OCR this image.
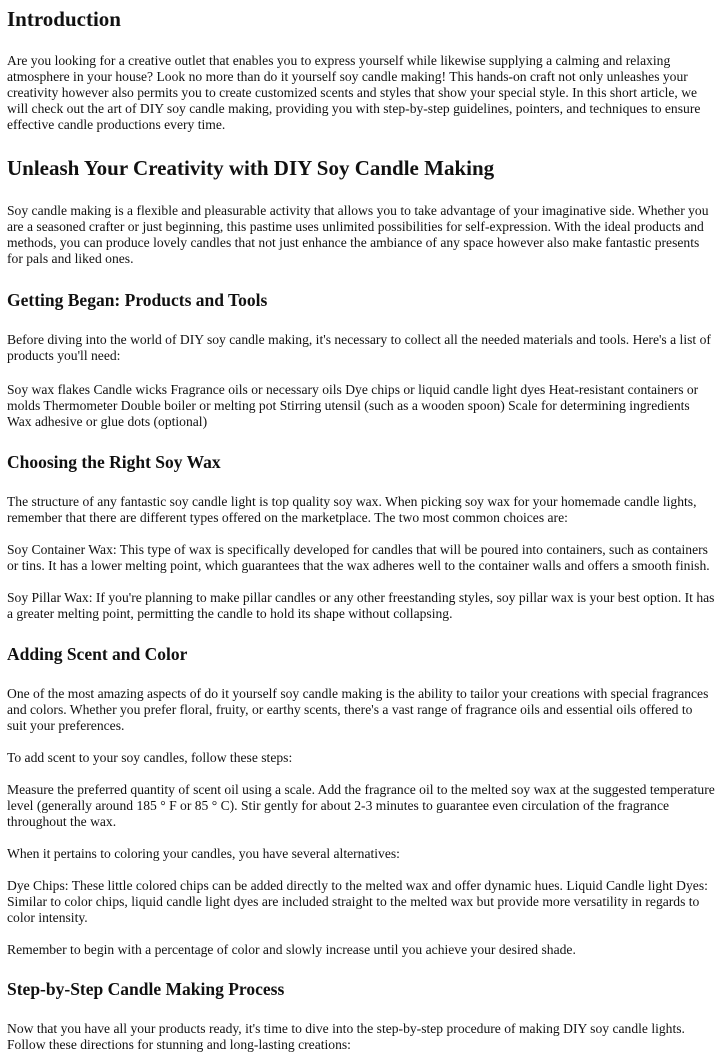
Introduction

Are you looking for a creative outlet that enables you to express yourself while likewise supplying a calming and relaxing atmosphere in your house? Look no more than do it yourself soy candle making! This hands-on craft not only unleashes your creativity however also permits you to create customized scents and styles that show your special style. In this short article, we will check out the art of DIY soy candle making, providing you with step-by-step guidelines, pointers, and techniques to ensure effective candle productions every time.

Unleash Your Creativity with DIY Soy Candle Making

Soy candle making is a flexible and pleasurable activity that allows you to take advantage of your imaginative side. Whether you are a seasoned crafter or just beginning, this pastime uses unlimited possibilities for self-expression. With the ideal products and methods, you can produce lovely candles that not just enhance the ambiance of any space however also make fantastic presents for pals and liked ones.

Getting Began: Products and Tools

Before diving into the world of DIY soy candle making, it's necessary to collect all the needed materials and tools. Here's a list of products you'll need:

Soy wax flakes Candle wicks Fragrance oils or necessary oils Dye chips or liquid candle light dyes Heat-resistant containers or molds Thermometer Double boiler or melting pot Stirring utensil (such as a wooden spoon) Scale for determining ingredients Wax adhesive or glue dots (optional)

Choosing the Right Soy Wax

The structure of any fantastic soy candle light is top quality soy wax. When picking soy wax for your homemade candle lights, remember that there are different types offered on the marketplace. The two most common choices are:

Soy Container Wax: This type of wax is specifically developed for candles that will be poured into containers, such as containers or tins. It has a lower melting point, which guarantees that the wax adheres well to the container walls and offers a smooth finish.

Soy Pillar Wax: If you're planning to make pillar candles or any other freestanding styles, soy pillar wax is your best option. It has a greater melting point, permitting the candle to hold its shape without collapsing.

Adding Scent and Color

One of the most amazing aspects of do it yourself soy candle making is the ability to tailor your creations with special fragrances and colors. Whether you prefer floral, fruity, or earthy scents, there's a vast range of fragrance oils and essential oils offered to suit your preferences.

To add scent to your soy candles, follow these steps:

Measure the preferred quantity of scent oil using a scale. Add the fragrance oil to the melted soy wax at the suggested temperature level (generally around 185 ° F or 85 ° C). Stir gently for about 2-3 minutes to guarantee even circulation of the fragrance throughout the wax.

When it pertains to coloring your candles, you have several alternatives:

Dye Chips: These little colored chips can be added directly to the melted wax and offer dynamic hues. Liquid Candle light Dyes: Similar to color chips, liquid candle light dyes are included straight to the melted wax but provide more versatility in regards to color intensity.

Remember to begin with a percentage of color and slowly increase until you achieve your desired shade.

Step-by-Step Candle Making Process

Now that you have all your products ready, it's time to dive into the step-by-step procedure of making DIY soy candle lights. Follow these directions for stunning and long-lasting creations:
